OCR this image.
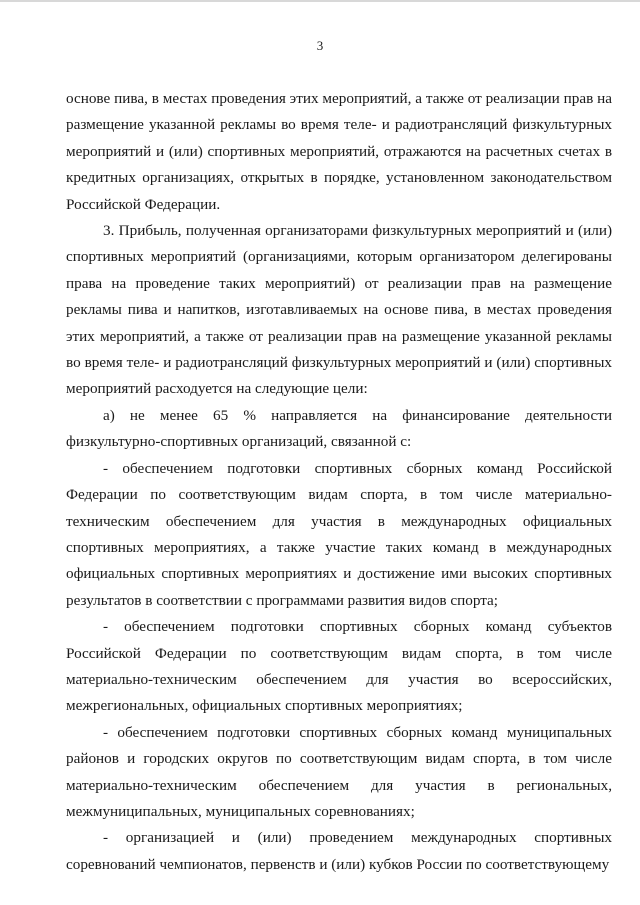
3

основе пива, в местах проведения этих мероприятий, а также от реализации прав на размещение указанной рекламы во время теле- и радиотрансляций физкультурных мероприятий и (или) спортивных мероприятий, отражаются на расчетных счетах в кредитных организациях, открытых в порядке, установленном законодательством Российской Федерации.

3. Прибыль, полученная организаторами физкультурных мероприятий и (или) спортивных мероприятий (организациями, которым организатором делегированы права на проведение таких мероприятий) от реализации прав на размещение рекламы пива и напитков, изготавливаемых на основе пива, в местах проведения этих мероприятий, а также от реализации прав на размещение указанной рекламы во время теле- и радиотрансляций физкультурных мероприятий и (или) спортивных мероприятий расходуется на следующие цели:

а) не менее 65 % направляется на финансирование деятельности физкультурно-спортивных организаций, связанной с:

- обеспечением подготовки спортивных сборных команд Российской Федерации по соответствующим видам спорта, в том числе материально-техническим обеспечением для участия в международных официальных спортивных мероприятиях, а также участие таких команд в международных официальных спортивных мероприятиях и достижение ими высоких спортивных результатов в соответствии с программами развития видов спорта;

- обеспечением подготовки спортивных сборных команд субъектов Российской Федерации по соответствующим видам спорта, в том числе материально-техническим обеспечением для участия во всероссийских, межрегиональных, официальных спортивных мероприятиях;

- обеспечением подготовки спортивных сборных команд муниципальных районов и городских округов по соответствующим видам спорта, в том числе материально-техническим обеспечением для участия в региональных, межмуниципальных, муниципальных соревнованиях;

- организацией и (или) проведением международных спортивных соревнований чемпионатов, первенств и (или) кубков России по соответствующему
